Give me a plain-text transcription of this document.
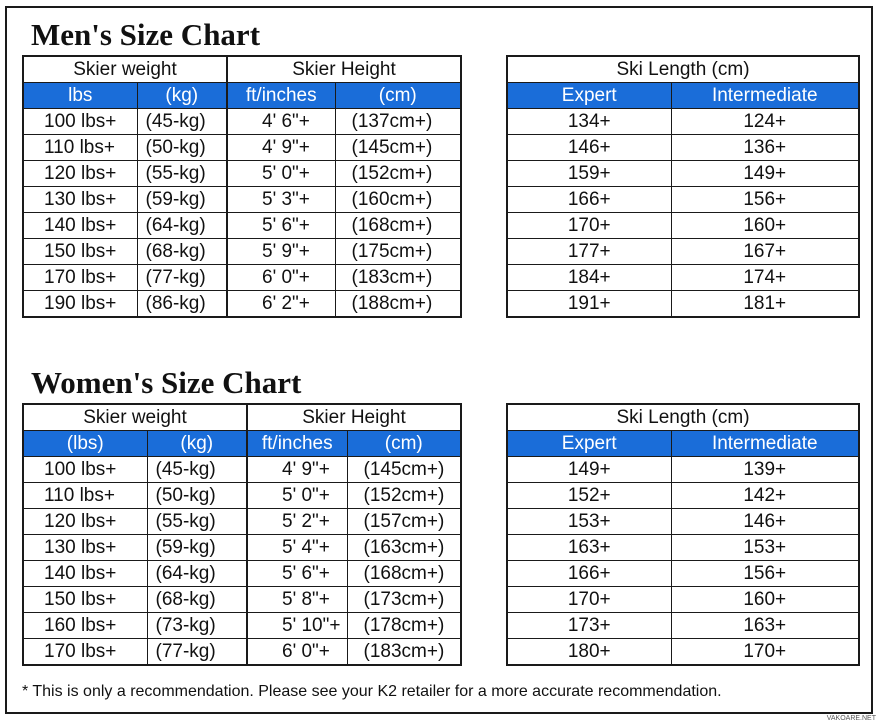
Men's Size Chart
Skier weight		Skier Height	
lbs	(kg)	ft/inches	(cm)
100 lbs+	(45-kg)	4' 6"+	(137cm+)
110 lbs+	(50-kg)	4' 9"+	(145cm+)
120 lbs+	(55-kg)	5' 0"+	(152cm+)
130 lbs+	(59-kg)	5' 3"+	(160cm+)
140 lbs+	(64-kg)	5' 6"+	(168cm+)
150 lbs+	(68-kg)	5' 9"+	(175cm+)
170 lbs+	(77-kg)	6' 0"+	(183cm+)
190 lbs+	(86-kg)	6' 2"+	(188cm+)
Ski Length (cm)	
Expert	Intermediate
134+	124+
146+	136+
159+	149+
166+	156+
170+	160+
177+	167+
184+	174+
191+	181+
Women's Size Chart
Skier weight		Skier Height	
(lbs)	(kg)	ft/inches	(cm)
100 lbs+	(45-kg)	4' 9"+	(145cm+)
110 lbs+	(50-kg)	5' 0"+	(152cm+)
120 lbs+	(55-kg)	5' 2"+	(157cm+)
130 lbs+	(59-kg)	5' 4"+	(163cm+)
140 lbs+	(64-kg)	5' 6"+	(168cm+)
150 lbs+	(68-kg)	5' 8"+	(173cm+)
160 lbs+	(73-kg)	5' 10"+	(178cm+)
170 lbs+	(77-kg)	6' 0"+	(183cm+)
Ski Length (cm)	
Expert	Intermediate
149+	139+
152+	142+
153+	146+
163+	153+
166+	156+
170+	160+
173+	163+
180+	170+

* This is only a recommendation. Please see your K2 retailer for a more accurate recommendation.

VAKOARE.NET
